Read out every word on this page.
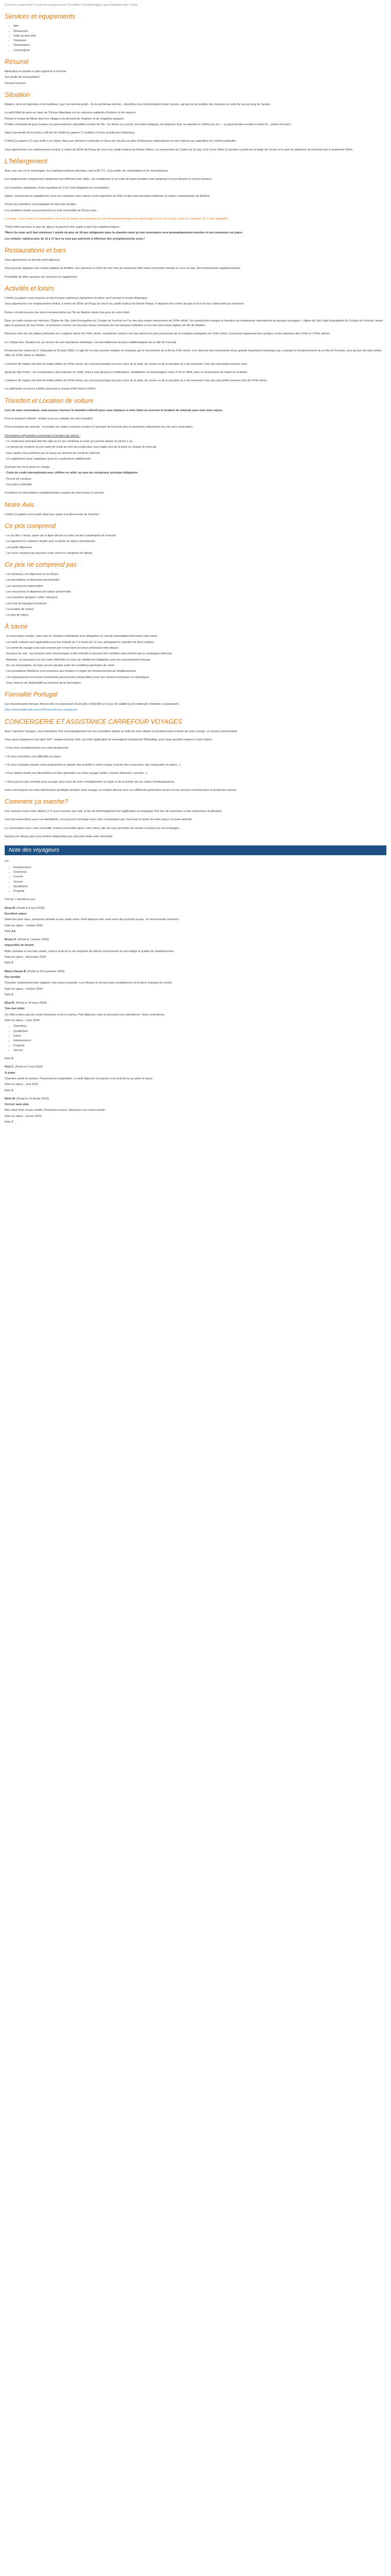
Cz-pri-ins-compenseIII / Ce-pri-ins-compensé pour l'Irrunibles Coordinaireggié Luge Esspiration Aise Criand
Services et equipements
• Wifi
• Restaurant
• Salle de bien-être
• Télévision
• Climatisation
• Conciergerie
Résumé

Idéal dans le quartier le plus apprécié à Funchal

Sur quelle de monopolistes

Second services

Situation

Madère, terre de légendes et de traditions, que l'on nomme jardin - île de printemps éternel -, bénéficie d'un climat tempéré toute l'année, qui permet de profiter des charmes de cette île tout au long de l'année.

Le petit hôtel de terre au cœur de l'Ocean Atlantique est un vaisseau inattendu d'histoire et de saveurs.

Prenez le temps de flâner dans les villages à la découverte d'églises et de chapelles typiques.

Profitez d'instants de pure évasion en parcourant les spécialités locales de l'île : les tissus au crochet, les fruits exotiques, les légumes frais au marché ou l'abîme du vin — ce pourrait bien renaître à toute fin... plaisir d'escale !

Situé à proximité de Funchal, à 80 km de l'Hôtel Ça galerie (7 modèle) et d'une architecture historique.

L'Hôtel Ça galerie (7) vous invite à un séjour dans une demeure construite en deux ans de plus en plus d'influences authentiques et sans retenue qui rappellent cet endroit particulier.

Vous apprécierez son emplacement central, à moins de 200m de Praça da vira et du Jardin tropical de Monte Palace. Le mouvement du Casino (à 10 mn), et la Zona Velha (3 minutes à pied) sur la longe de l'océan et le port de plaisance de Funchal sont à seulement 600m.

L'hébergement

Avec une vue sur le monologue, les chambres prônent discrètes, soit le 80 T.O., d'un jardin, de confortables et de circonstances.

Les équipements comprennent également ses télévision par câble, l'air conditionné et un salle de bains privative avec peignoirs et sous douche et sèche-cheveux.

Les chambres standards, d'une superficie de 17m² sont élégantes et confortables.

Option: moyennant un supplément, pour vos chambres avec balcon d'une superficie de 20m² et qui vous permettra d'admirer la culture extraordinaire de Madère.

Toutes les chambres sont équipées de deux lits simples.

Les chambres triples vous proposent un sofa convertible de 85 pts sans.

Le mieux : pour toutes les réservations, une nuit de séjour sera facturée lors de l'enregistrement pour les clients âgés de 12 ans et plus, avec un maximum de 7 nuits payables.

*Tarifs hôtel-nuit pour la taxe de séjour, ils peuvent être sujets à des frais supplémentaires.

*Merci de noter qu'il faut minimum 1 adulte de plus de 18 ans obligatoire dans la chambre ainsi qu'une réservation sera automatiquement annulée et non transmise sur place.

Les enfants / adolescents de 13 à 17 ans ne sont pas autorisés à effectuer des enregistrements seuls.*

Restaurations et bars

Vous apprécierez un formule petit déjeuner.

Vous pourrez déguster une cuisine typique de Madère, des poissons et fruits de mer frais au restaurant Villa Vieira et prendre ensuite un verre au bar. Des événements supplémentaires.

Possibilité de dîner pension ses réserves en supplément.

Activités et loisirs

L'hôtel Ça galerie vous propose un bel terrasse extérieure également où situer sur Funchal et l'océan Atlantique.

Vous apprécierez son emplacement central, à moins de 200m de Praça da vira et du Jardin tropical de Monte Palace. Il dispose d'un centre de spa et d'un service client petit jour minimum.

Partez à la découverte des sites incontournables de l'île de Madère situés tout près de votre hôtel :

Dans un cadre unique de mémoire, l'Église de São João Evangelista du Colégio de Funchal est l'un des plus beaux monuments de XVIIe siècle. Sa construction marque la transition du maniérisme international au baroque portugais. L'église de São João Evangelista du Colégio de Funchal, située dans la paroisse de Sao Pedro, se présente comme l'un des plus beaux exemples de l'art baroque à Madère et l'un des plus riches églises de l'île de Madère.

Plusieurs sites de ces églises présente une sculpture dorée du XVIIe siècle, considérée comme l'une des pièces les plus précieuses de la sculpture portugaise du XVIIe siècle. Il présente également des azulejos et des peintures des XVIIe et XVIIIe siècles.

Le Collège des Jésuites (ici, au service de son importance historique, l'un des bâtiments les plus emblématiques de la ville de Funchal.

Fondé par des mains de D. Sebastião le 20 août 1569, il s'agit de l'un des œuvres réalisés en marquée par le mouvement de la fin du XVIe siècle. Il en découle des monuments d'une grande importance historique qui a marqué le fonctionnement de la ville de Funchal, ainsi qu'une des plus belles villes du XVIIe siècle en Madère.

L'intérieur de l'église est doté de belles stèles du XVIIe siècle, qui couvrent presque tous les murs de la salle, du choeur et de la sacristie où a été retrouvée l'une des plus belles œuvres d'art.

Igreja de São Pedro : Sa construction a été entamée en 1598, mais à subi plusieurs modifications, réhabilitées et réaménagées entre 1741 et 1864, avec la construction de l'autel de la Reine.

L'intérieur de l'église est doté de belles stèles du XVIIe siècle, qui couvrent presque tous les murs de la salle, du choeur et de la sacristie où a été retrouvée l'une des plus belles œuvres d'art du XVIIe siècle.

La cathédrale se trouve à 800m ainsi que le musée d'Art Sacré à 500m.

Transfert et Location de voiture

Lors de votre réservation, vous pouvez réserver le transfert collectif pour vous déplacer à votre hôtel ou réserver la location de véhicule pour tout votre séjour.

Pour le transfert collectif : rendez-vous au comptoir de votre transfert.

Pour la location de véhicule : la location de voiture est prise à retirer à l'aéroport de Funchal chez le partenaire sélectionné lors de votre réservation.

Informations importantes concernant la location de voiture :

- Le conducteur principal doit être âgé de 21 ans minimum et avoir son permis depuis au moins 1 an.

- Le permis de conduire et une carte de crédit au nom du conducteur sont exigés lors de la prise en charge du véhicule.

- Une caution sera prélevée par le loueur au moment du retrait du véhicule.

- Un supplément peut s'appliquer pour les conducteurs additionnels.

À prévoir lors de la prise en charge :

- Carte de crédit internationale avec chiffres en relief, au nom du conducteur principal obligatoire

- Permis de conduire

- Une pièce d'identité

Conditions et informations complémentaires auprès de votre loueur à l'arrivée.

Notre Avis

L'hôtel Ça galerie est le point idéal pour partir à la découverte de Funchal !

Ce prix comprend

- Le vol aller / retour, opéré sur la ligne directe ou avec escale à destination de Funchal

- Le logement en chambre double pour la durée du séjour sélectionnée

- Les petits déjeuners

- Les taxes aéroport qui peuvent varier selon les aéroports de départ

Ce prix ne comprend pas

- Les boissons, les déjeuners et les dîners

- Les prestations et dépenses personnelles

- Les assurances optionnelles

- Les excursions et dépenses de nature personnelle

- Les transferts aéroport / hôtel / aéroport

- Les frais de transport éventuels

- La location de voiture

- La taxe de séjour

À savoir

- Si vous partez seul(e), votre prix en chambre individuelle sera obligatoire et calculé automatiquement dans votre devis.

- Les tarifs enfants sont applicables pour les enfants de 2 à moins de 12 ans, partageant la chambre de deux adultes.

- Le carnet de voyage vous sera envoyé par e-mail dans les jours précédant votre départ.

- Horaires de vols : les horaires sont communiqués à titre indicatif et peuvent être modifiés sans préavis par la compagnie aérienne.

- Attention, un passeport ou une carte d'identité en cours de validité est obligatoire pour les ressortissants français.

- En cas d'annulation, les frais seront calculés selon les conditions générales de vente.

- Les prestations hôtelières sont soumises aux horaires et règles de fonctionnement de l'établissement.

- Les équipements et services mentionnés peuvent être indisponibles pour des raisons techniques ou climatiques.

- Sous réserve de disponibilité au moment de la réservation.

Formalité Portugal

Les ressortissants français doivent être en possession d'une pièce d'identité en cours de validité (carte nationale d'identité ou passeport).

https://www.diplomatie.gouv.fr/fr/conseils-aux-voyageurs/

CONCIERGERIE ET ASSISTANCE CARREFOUR VOYAGES

Avec Carrefour Voyages, vous bénéficiez d'un accompagnement de vos conseillers depuis la veille de votre départ et pendant toute la durée de votre voyage, en service personnalisé.

Vous aurez également une ligne 24/7, uniquement par chat, via notre application de messagerie instantanée WhatsApp, pour toute question relative à votre séjour :

> Pour tous renseignements sur votre programme,

> Si vous rencontrez une difficulté sur place,

> Si vous souhaitez ajouter votre programme ou ajouter des activités à votre voyage (comme des excursions, des restaurants et autres...),

> Pour obtenir toutes les informations et infos générales sur votre voyage (météo, bonnes adresses, conseils...),

> Vous pouvez par exemple vous occuper pour vous de votre enregistrement en ligne et de la remise de vos cartes d'embarquement.

Votre conciergerie est votre interlocuteur privilégié pendant votre voyage, en relation directe avec nos différents partenaires locaux et nos services commerciaux et production interne.

Comment ça marche?

Une semaine avant votre départ (J-7) vous recevrez par mail, le lien de téléchargement de l'application accompagné d'un lien de connexion et des instructions d'utilisation.

Une fois connecté(e) avec vos identifiants, vous pourrez échanger avec votre conciergerie par chat toute la durée de votre séjour en toute sérénité.

La conversation avec votre conseiller restera accessible après votre retour, afin de vous permettre de revenir si besoin sur vos échanges.

Sachez par ailleurs que nous restons disponibles par mail pour toute autre demande.

Note des voyageurs

4.5

• Emplacement
• Chambres
• Confort
• Service
• Qualité/prix
• Propreté

Voir les 7 dernières avis

Rosa M. (Posté le 4 avril 2025)

Excellent séjour

Hôtel très bien situé, personnel aimable et aux petits soins. Petit déjeuner très varié avec des produits locaux. Je recommande vivement.

Date du séjour : octobre 2024

Note 9.6

Bruno D. (Posté le 1 janvier 2025)

Impossible de dormir

Belle chambre et très bien située, mais le bruit de la rue empêche de dormir correctement la nuit malgré la qualité de l'établissement.

Date du séjour : décembre 2024

Note 5

Marie-Claude B. (Posté le 20 novembre 2024)

Pas terrible

Chambre relativement bien équipée mais assez bruyante. Les rideaux ne ferment pas complètement et la literie manque de confort.

Date du séjour : octobre 2024

Note 6

Eliza B. (Posté le 14 mars 2024)

Très bon hôtel

Un hôtel à deux pas du centre historique et de la marina. Petit déjeuner varié et personnel très attentionné. Nous reviendrons.

Date du séjour : mars 2024

• Chambres
• Qualité/prix
• Literie
• Emplacement
• Propreté
• Service

Note 9

Paul C. (Posté le 2 mai 2023)

À éviter

Chambre petite et sombre. Personnel peu disponible. Le petit déjeuner est pauvre et le bruit de la rue gêne le repos.

Date du séjour : avril 2023

Note 3

Rémi M. (Posté le 10 février 2023)

Correct sans plus

Bien situé mais un peu vieillot. Personnel correct. Idéal pour une courte escale.

Date du séjour : janvier 2023

Note 7
